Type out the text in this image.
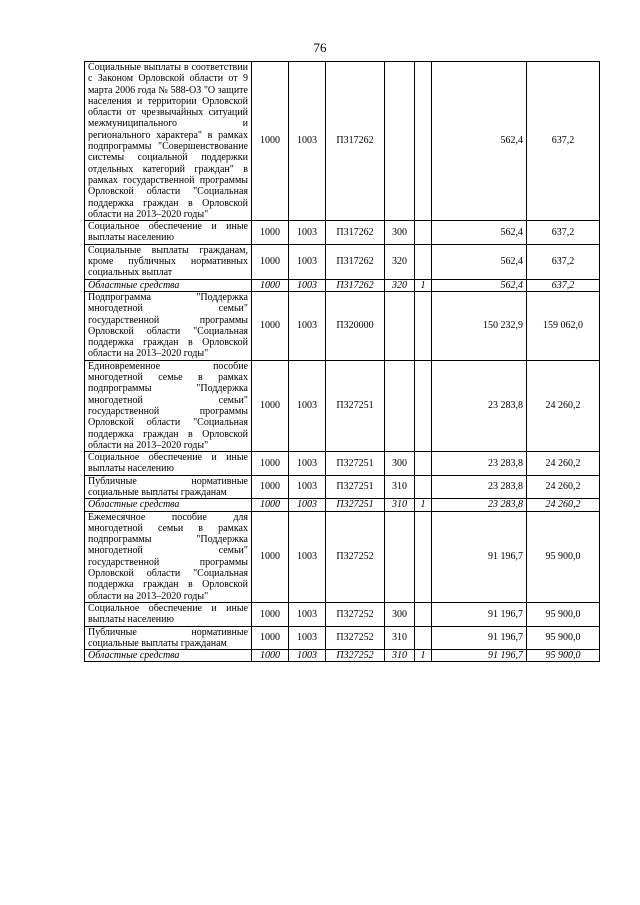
76
Социальные выплаты в соответствии с Законом Орловской области от 9 марта 2006 года № 588-ОЗ "О защите населения и территории Орловской области от чрезвычайных ситуаций межмуниципального и регионального характера" в рамках подпрограммы "Совершенствование системы социальной поддержки отдельных категорий граждан" в рамках государственной программы Орловской области "Социальная поддержка граждан в Орловской области на 2013–2020 годы"	1000	1003	П317262			562,4	637,2
Социальное обеспечение и иные выплаты населению	1000	1003	П317262	300		562,4	637,2
Социальные выплаты гражданам, кроме публичных нормативных социальных выплат	1000	1003	П317262	320		562,4	637,2
Областные средства	1000	1003	П317262	320	1	562,4	637,2
Подпрограмма "Поддержка многодетной семьи" государственной программы Орловской области "Социальная поддержка граждан в Орловской области на 2013–2020 годы"	1000	1003	П320000			150 232,9	159 062,0
Единовременное пособие многодетной семье в рамках подпрограммы "Поддержка многодетной семьи" государственной программы Орловской области "Социальная поддержка граждан в Орловской области на 2013–2020 годы"	1000	1003	П327251			23 283,8	24 260,2
Социальное обеспечение и иные выплаты населению	1000	1003	П327251	300		23 283,8	24 260,2
Публичные нормативные социальные выплаты гражданам	1000	1003	П327251	310		23 283,8	24 260,2
Областные средства	1000	1003	П327251	310	1	23 283,8	24 260,2
Ежемесячное пособие для многодетной семьи в рамках подпрограммы "Поддержка многодетной семьи" государственной программы Орловской области "Социальная поддержка граждан в Орловской области на 2013–2020 годы"	1000	1003	П327252			91 196,7	95 900,0
Социальное обеспечение и иные выплаты населению	1000	1003	П327252	300		91 196,7	95 900,0
Публичные нормативные социальные выплаты гражданам	1000	1003	П327252	310		91 196,7	95 900,0
Областные средства	1000	1003	П327252	310	1	91 196,7	95 900,0
